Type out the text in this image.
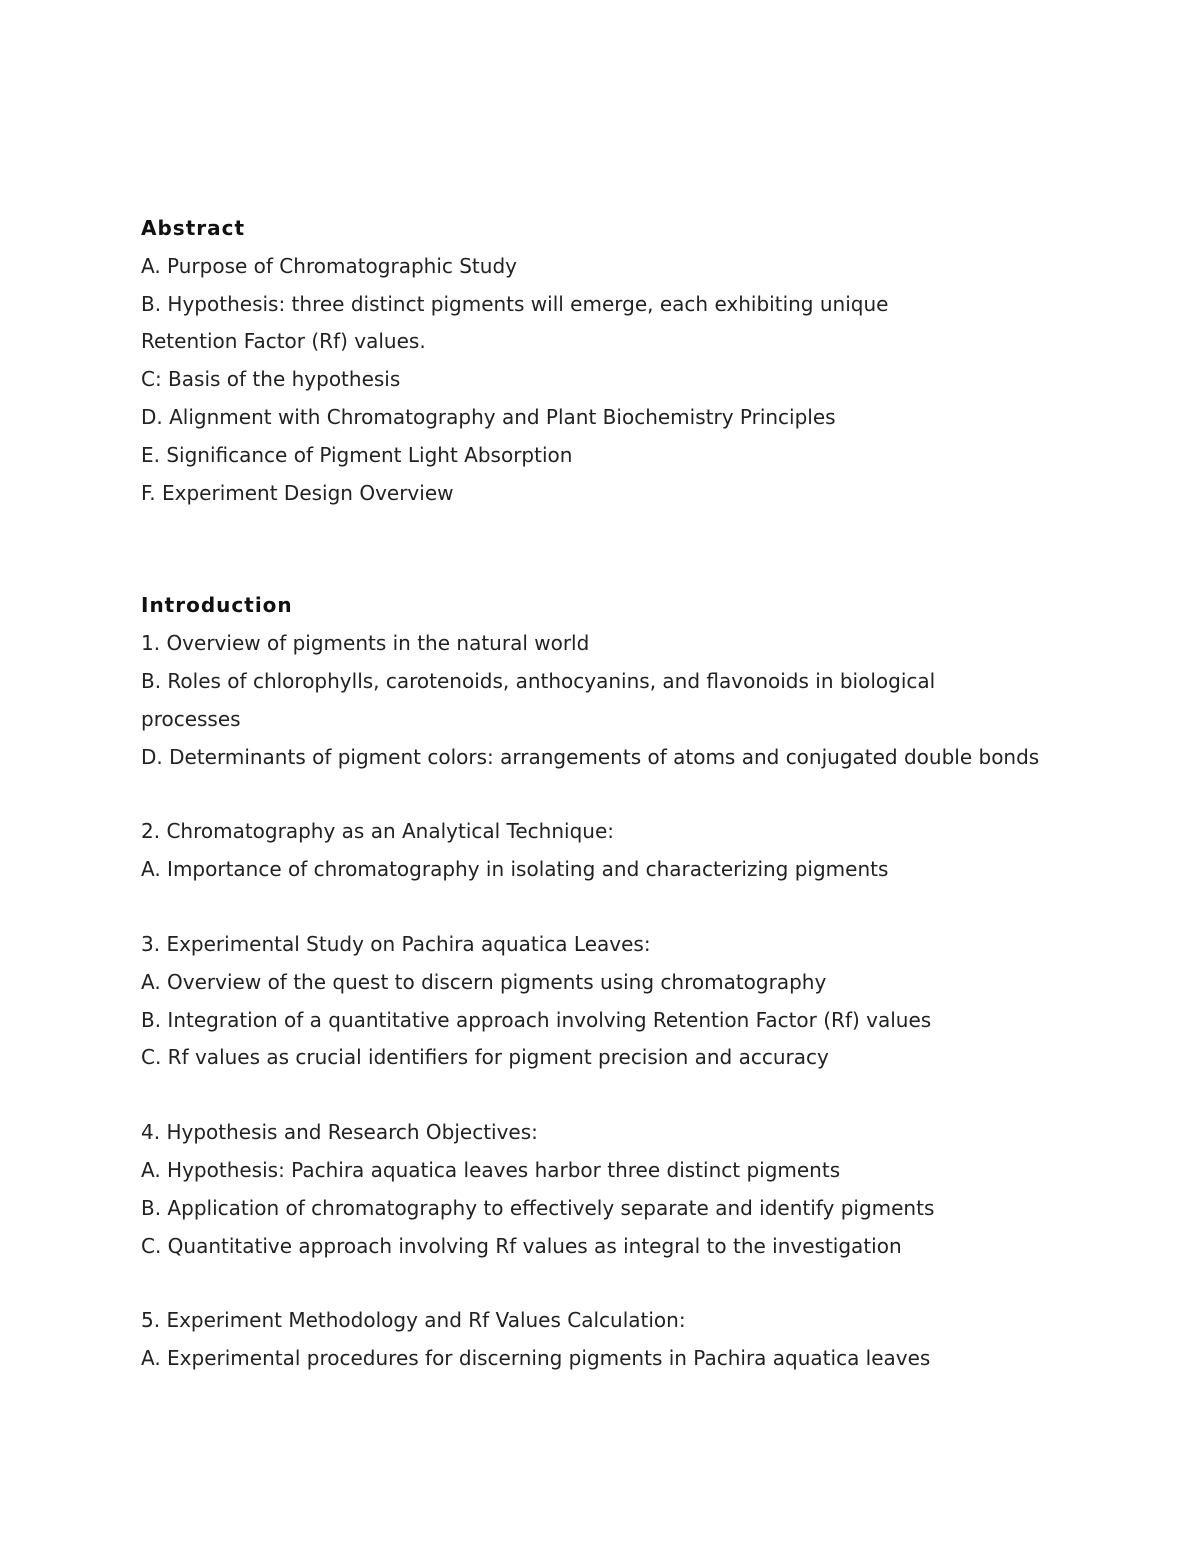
Abstract
A. Purpose of Chromatographic Study
B. Hypothesis: three distinct pigments will emerge, each exhibiting unique Retention Factor (Rf) values.
C: Basis of the hypothesis
D. Alignment with Chromatography and Plant Biochemistry Principles
E. Significance of Pigment Light Absorption
F. Experiment Design Overview
Introduction
1. Overview of pigments in the natural world
B. Roles of chlorophylls, carotenoids, anthocyanins, and flavonoids in biological processes
D. Determinants of pigment colors: arrangements of atoms and conjugated double bonds
2. Chromatography as an Analytical Technique:
A. Importance of chromatography in isolating and characterizing pigments
3. Experimental Study on Pachira aquatica Leaves:
A. Overview of the quest to discern pigments using chromatography
B. Integration of a quantitative approach involving Retention Factor (Rf) values
C. Rf values as crucial identifiers for pigment precision and accuracy
4. Hypothesis and Research Objectives:
A. Hypothesis: Pachira aquatica leaves harbor three distinct pigments
B. Application of chromatography to effectively separate and identify pigments
C. Quantitative approach involving Rf values as integral to the investigation
5. Experiment Methodology and Rf Values Calculation:
A. Experimental procedures for discerning pigments in Pachira aquatica leaves
